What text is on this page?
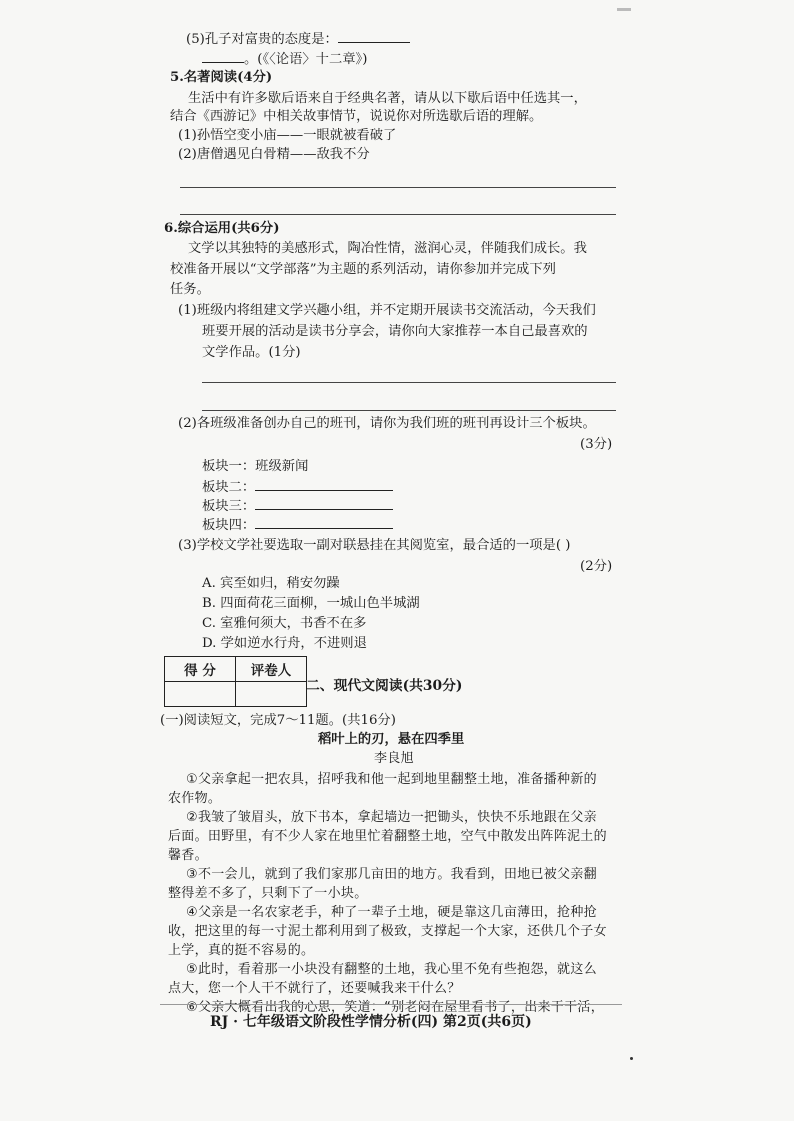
(5)孔子对富贵的态度是：
。(《〈论语〉十二章》)
5.名著阅读(4分)
生活中有许多歇后语来自于经典名著，请从以下歇后语中任选其一，
结合《西游记》中相关故事情节，说说你对所选歇后语的理解。
(1)孙悟空变小庙——一眼就被看破了
(2)唐僧遇见白骨精——敌我不分
6.综合运用(共6分)
文学以其独特的美感形式，陶冶性情，滋润心灵，伴随我们成长。我
校准备开展以“文学部落”为主题的系列活动，请你参加并完成下列
任务。
(1)班级内将组建文学兴趣小组，并不定期开展读书交流活动，今天我们
班要开展的活动是读书分享会，请你向大家推荐一本自己最喜欢的
文学作品。(1分)
(2)各班级准备创办自己的班刊，请你为我们班的班刊再设计三个板块。
(3分)
板块一：班级新闻
板块二：
板块三：
板块四：
(3)学校文学社要选取一副对联悬挂在其阅览室，最合适的一项是( )
(2分)
A. 宾至如归，稍安勿躁
B. 四面荷花三面柳，一城山色半城湖
C. 室雅何须大，书香不在多
D. 学如逆水行舟，不进则退
得 分	评卷人

二、现代文阅读(共30分)
(一)阅读短文，完成7～11题。(共16分)
稻叶上的刃，悬在四季里
李良旭
①父亲拿起一把农具，招呼我和他一起到地里翻整土地，准备播种新的
农作物。
②我皱了皱眉头，放下书本，拿起墙边一把锄头，快快不乐地跟在父亲
后面。田野里，有不少人家在地里忙着翻整土地，空气中散发出阵阵泥土的
馨香。
③不一会儿，就到了我们家那几亩田的地方。我看到，田地已被父亲翻
整得差不多了，只剩下了一小块。
④父亲是一名农家老手，种了一辈子土地，硬是靠这几亩薄田，抢种抢
收，把这里的每一寸泥土都利用到了极致，支撑起一个大家，还供几个子女
上学，真的挺不容易的。
⑤此时，看着那一小块没有翻整的土地，我心里不免有些抱怨，就这么
点大，您一个人干不就行了，还要喊我来干什么？
⑥父亲大概看出我的心思，笑道：“别老闷在屋里看书了，出来干干活，
RJ · 七年级语文阶段性学情分析(四) 第2页(共6页)
